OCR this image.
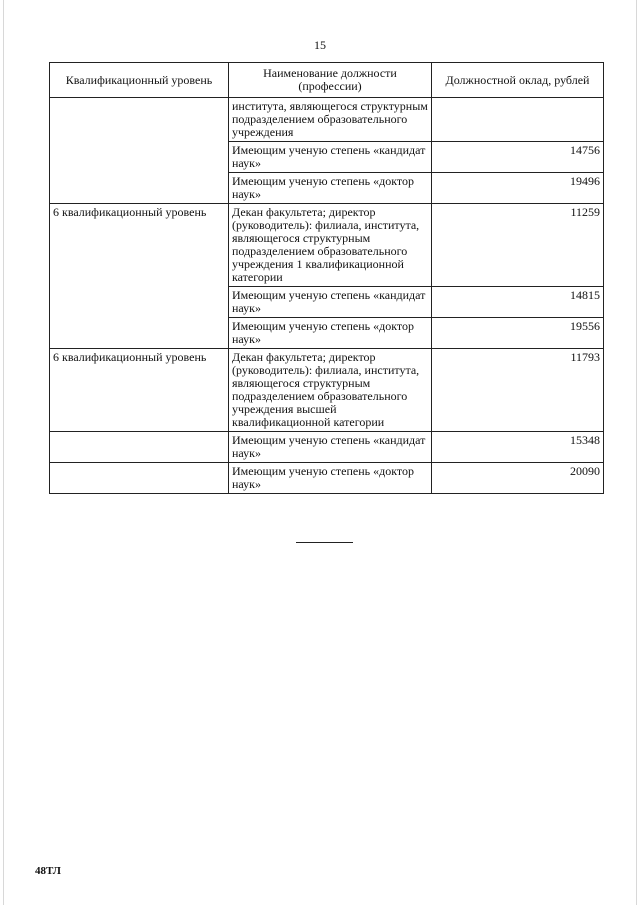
15
Квалификационный уровень	Наименование должности (профессии)	Должностной оклад, рублей
	института, являющегося структурным подразделением образовательного учреждения	
	Имеющим ученую степень «кандидат наук»	14756
	Имеющим ученую степень «доктор наук»	19496
6 квалификационный уровень	Декан факультета; директор (руководитель): филиала, института, являющегося структурным подразделением образовательного учреждения 1 квалификационной категории	11259
	Имеющим ученую степень «кандидат наук»	14815
	Имеющим ученую степень «доктор наук»	19556
6 квалификационный уровень	Декан факультета; директор (руководитель): филиала, института, являющегося структурным подразделением образовательного учреждения высшей квалификационной категории	11793
	Имеющим ученую степень «кандидат наук»	15348
	Имеющим ученую степень «доктор наук»	20090
48ТЛ
